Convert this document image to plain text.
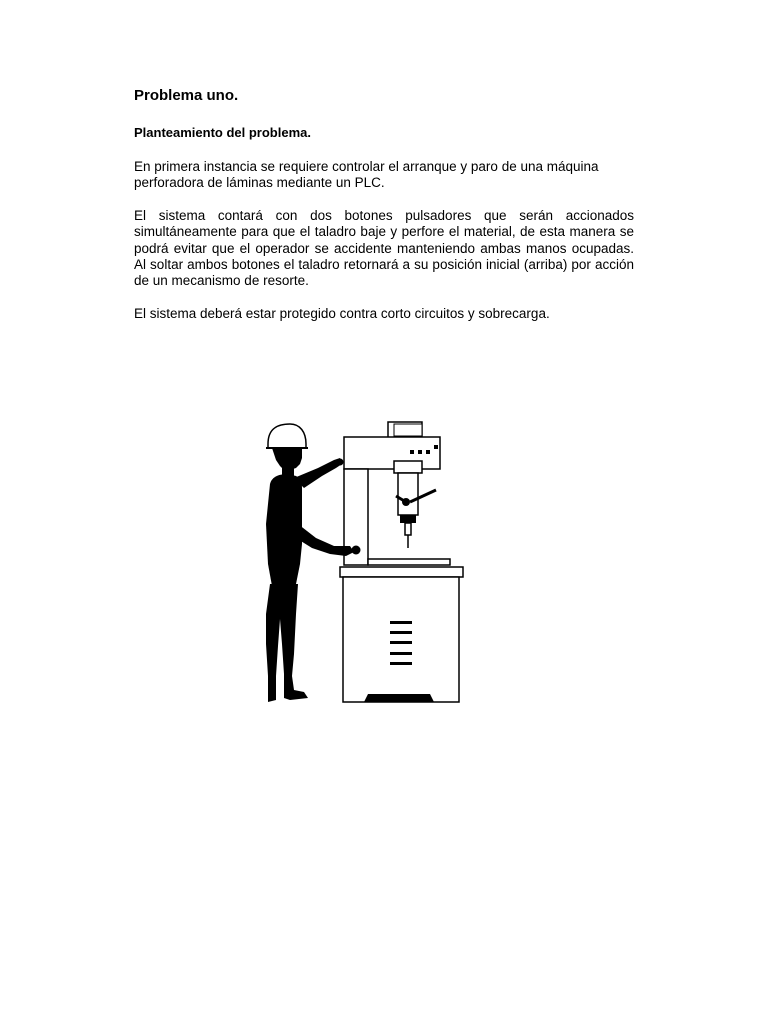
Problema uno.
Planteamiento del problema.

En primera instancia se requiere controlar el arranque y paro de una máquina perforadora de láminas mediante un PLC.

El sistema contará con dos botones pulsadores que serán accionados simultáneamente para que el taladro baje y perfore el material, de esta manera se podrá evitar que el operador se accidente manteniendo ambas manos ocupadas. Al soltar ambos botones el taladro retornará a su posición inicial (arriba) por acción de un mecanismo de resorte.

El sistema deberá estar protegido contra corto circuitos y sobrecarga.
